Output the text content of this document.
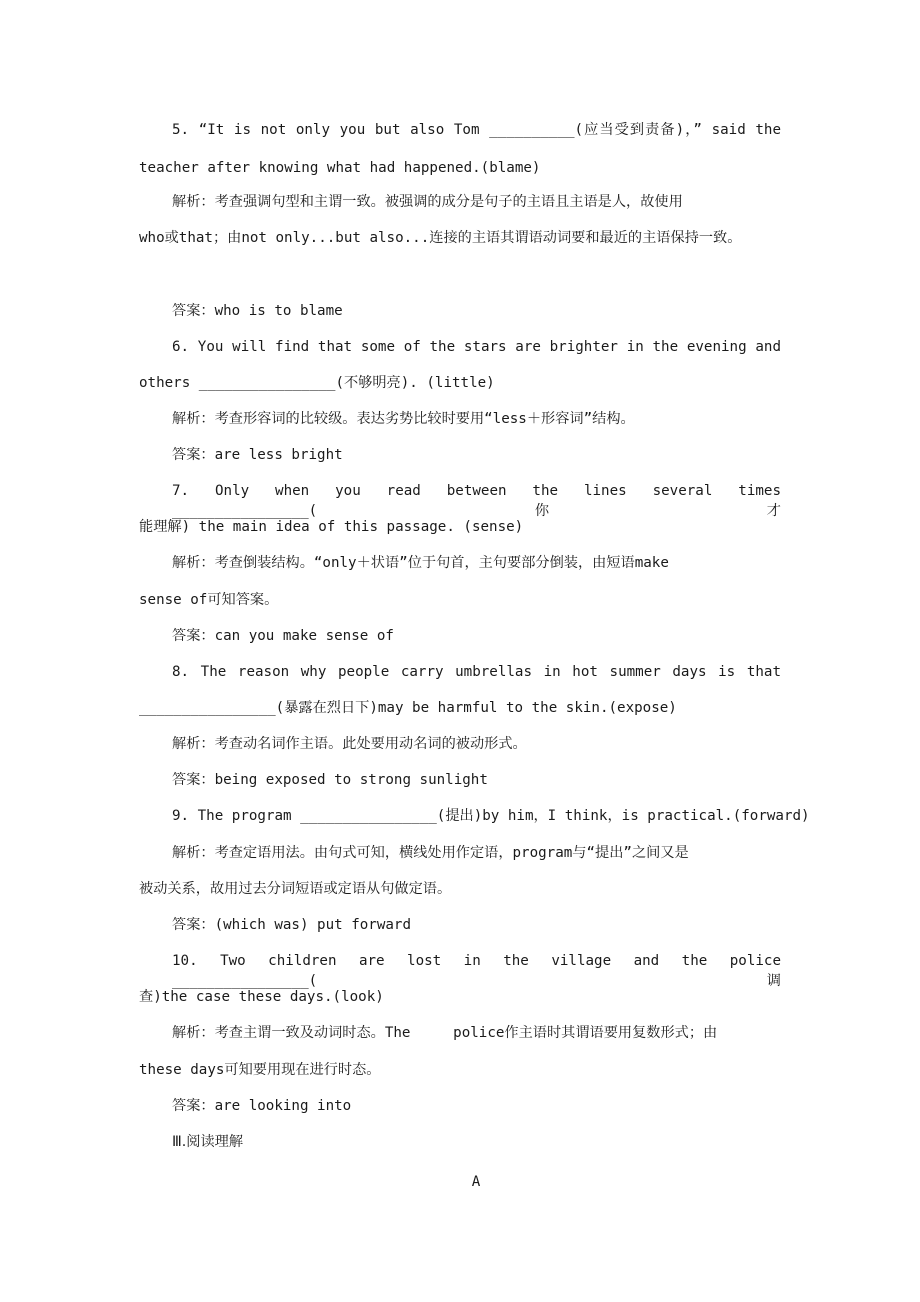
5. “It is not only you but also Tom __________(应当受到责备)，” said the
teacher after knowing what had happened.(blame)
解析：考查强调句型和主谓一致。被强调的成分是句子的主语且主语是人，故使用
who或that；由not only...but also...连接的主语其谓语动词要和最近的主语保持一致。
答案：who is to blame
6. You will find that some of the stars are brighter in the evening and
others ________________(不够明亮). (little)
解析：考查形容词的比较级。表达劣势比较时要用“less＋形容词”结构。
答案：are less bright
7. Only when you read between the lines several times ________________(你才
能理解) the main idea of this passage. (sense)
解析：考查倒装结构。“only＋状语”位于句首，主句要部分倒装，由短语make
sense of可知答案。
答案：can you make sense of
8. The reason why people carry umbrellas in hot summer days is that
________________(暴露在烈日下)may be harmful to the skin.(expose)
解析：考查动名词作主语。此处要用动名词的被动形式。
答案：being exposed to strong sunlight
9. The program ________________(提出)by him，I think，is practical.(forward)
解析：考查定语用法。由句式可知，横线处用作定语，program与“提出”之间又是
被动关系，故用过去分词短语或定语从句做定语。
答案：(which was) put forward
10. Two children are lost in the village and the police ________________(调
查)the case these days.(look)
解析：考查主谓一致及动词时态。The     police作主语时其谓语要用复数形式；由
these days可知要用现在进行时态。
答案：are looking into
Ⅲ.阅读理解
A
